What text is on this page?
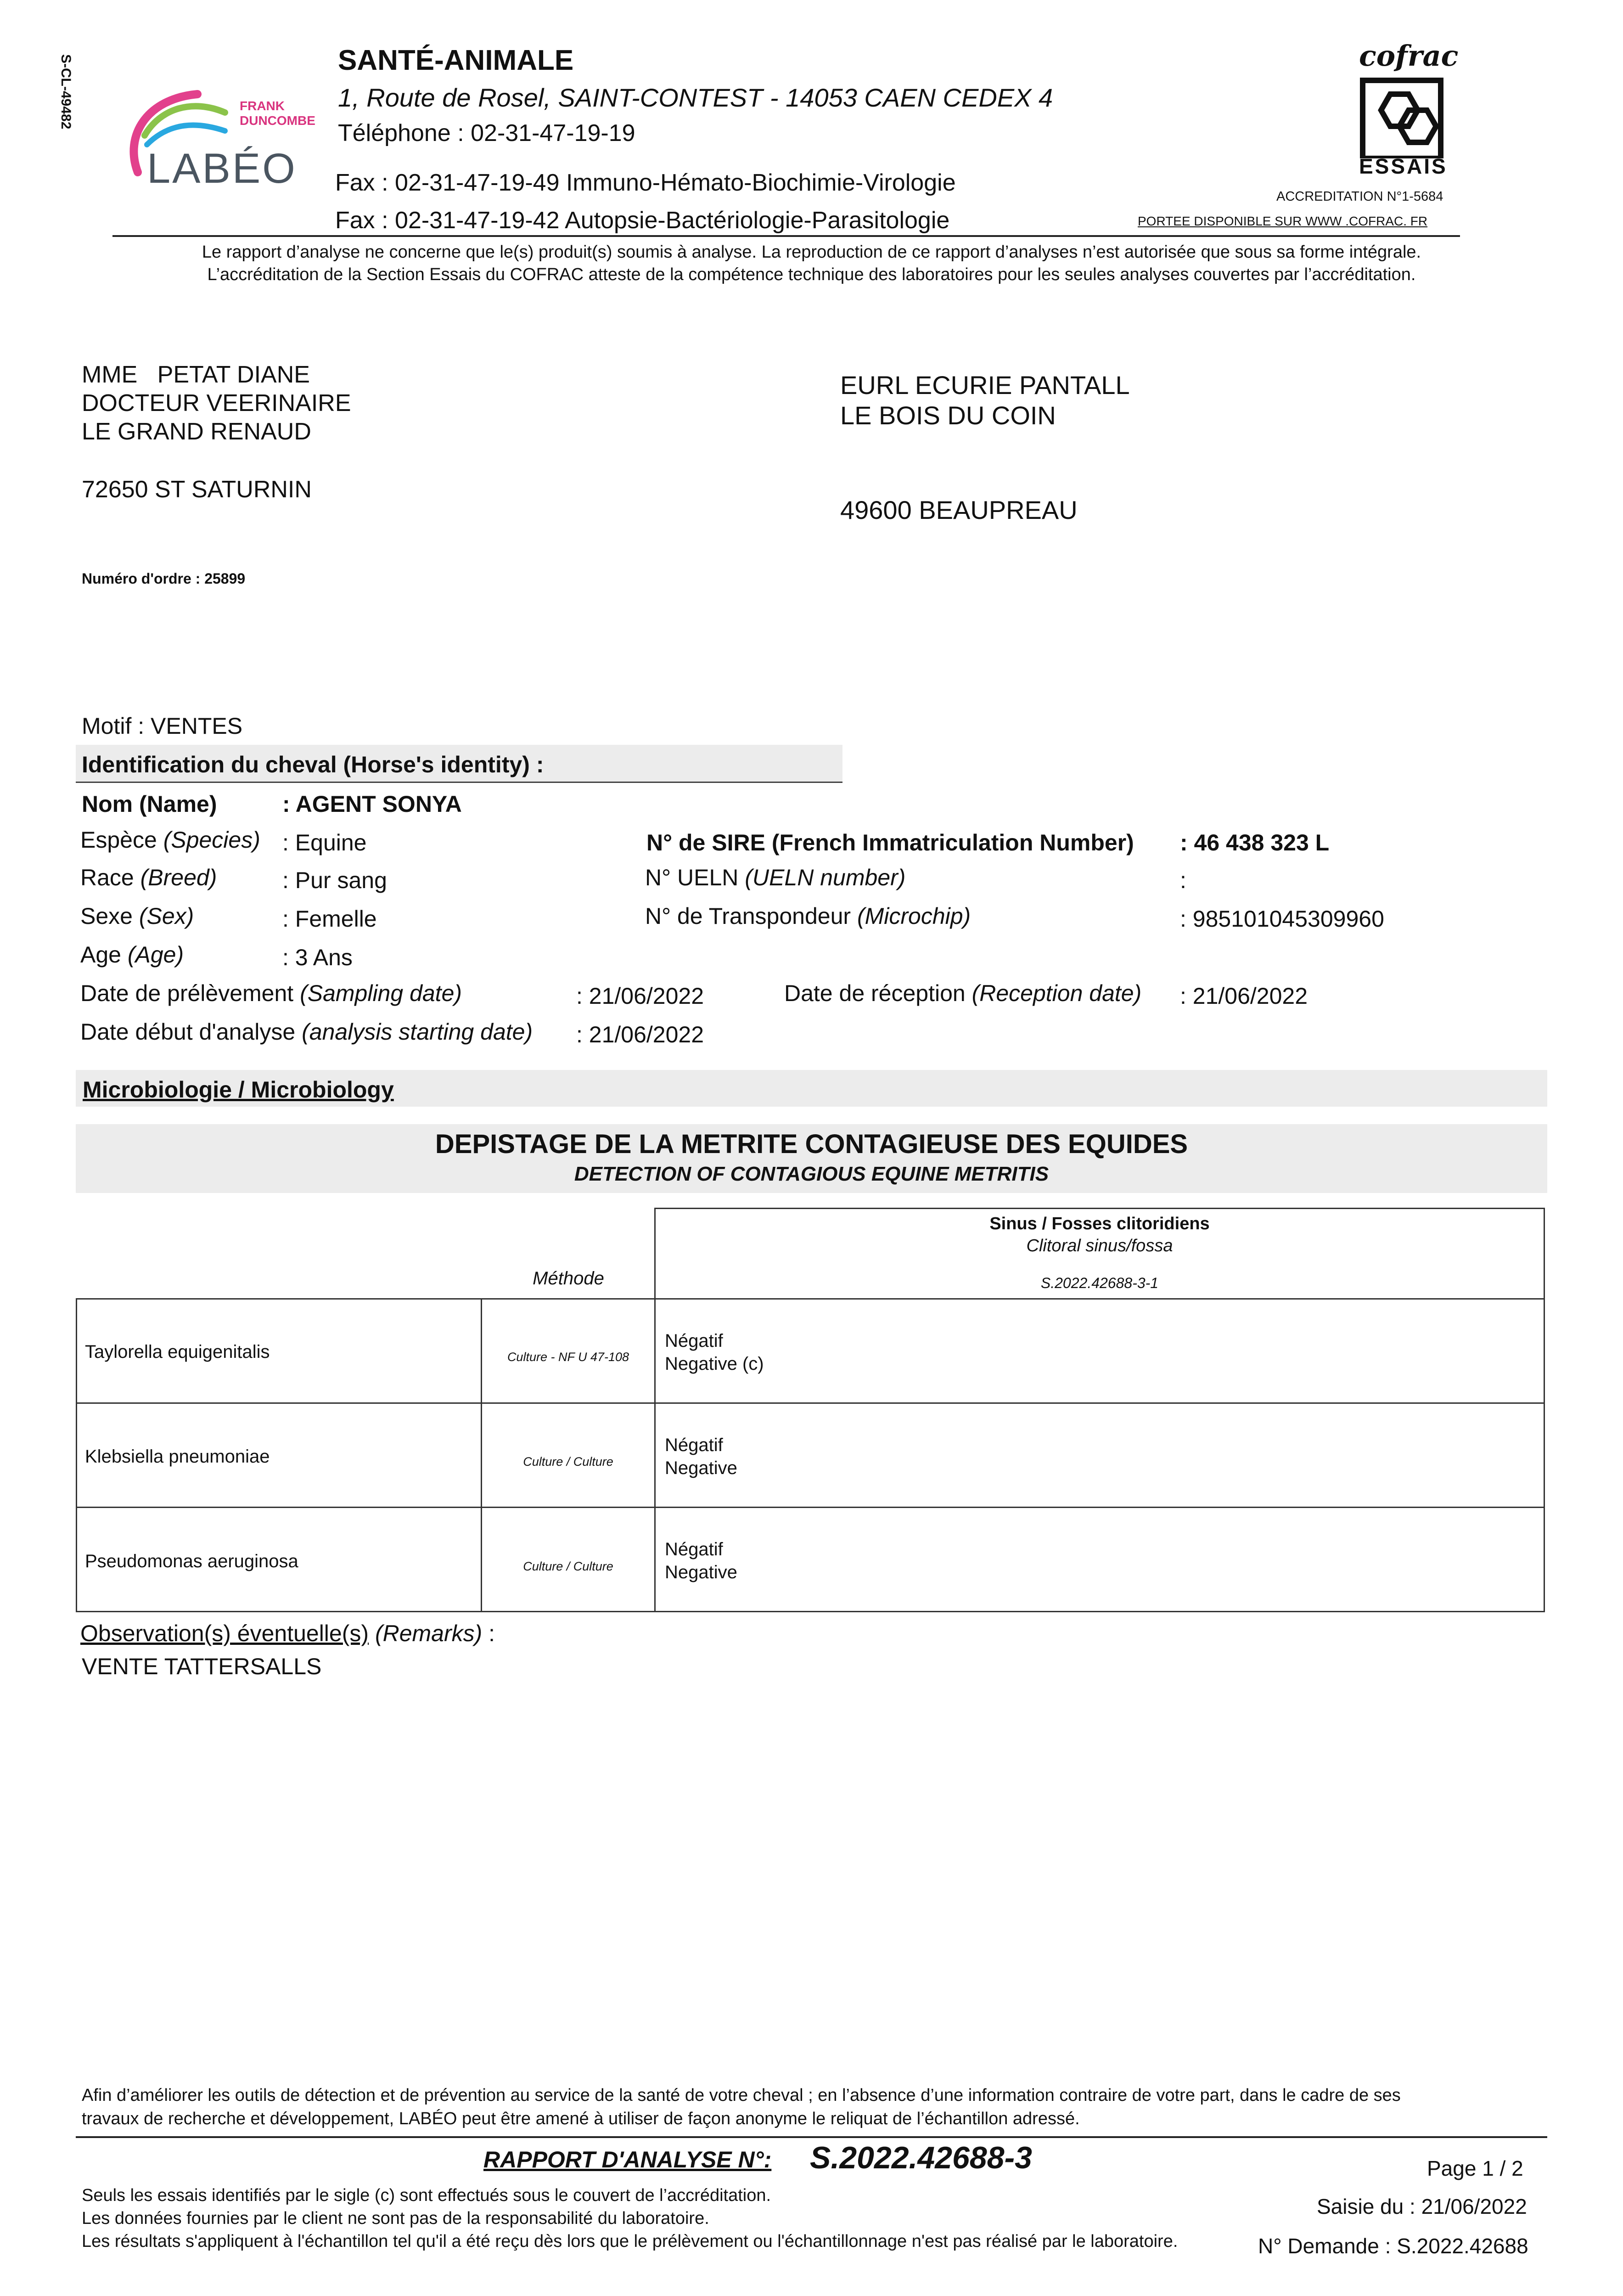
S-CL-49482	FRANK
DUNCOMBE
LABÉO
SANTÉ-ANIMALE
1, Route de Rosel, SAINT-CONTEST - 14053 CAEN CEDEX 4
Téléphone : 02-31-47-19-19
Fax : 02-31-47-19-49 Immuno-Hémato-Biochimie-Virologie
Fax : 02-31-47-19-42 Autopsie-Bactériologie-Parasitologie
cofrac
ESSAIS
ACCREDITATION N°1-5684
PORTEE DISPONIBLE SUR WWW .COFRAC. FR
Le rapport d’analyse ne concerne que le(s) produit(s) soumis à analyse. La reproduction de ce rapport d’analyses n’est autorisée que sous sa forme intégrale.
L’accréditation de la Section Essais du COFRAC atteste de la compétence technique des laboratoires pour les seules analyses couvertes par l’accréditation.
MME   PETAT DIANE
DOCTEUR VEERINAIRE
LE GRAND RENAUD
72650 ST SATURNIN
EURL ECURIE PANTALL
LE BOIS DU COIN
49600 BEAUPREAU
Numéro d'ordre : 25899
Motif : VENTES
Identification du cheval (Horse's identity) :
Nom (Name)	: AGENT SONYA
Espèce (Species) : Equine
Race (Breed)	: Pur sang
Sexe (Sex)	: Femelle
Age (Age)	: 3 Ans
N° de SIRE (French Immatriculation Number) : 46 438 323 L
N° UELN (UELN number)	:
N° de Transpondeur (Microchip)	: 985101045309960
Date de prélèvement (Sampling date)	: 21/06/2022	Date de réception (Reception date) : 21/06/2022
Date début d'analyse (analysis starting date) : 21/06/2022
Microbiologie / Microbiology
DEPISTAGE DE LA METRITE CONTAGIEUSE DES EQUIDES
DETECTION OF CONTAGIOUS EQUINE METRITIS
Sinus / Fosses clitoridiens
Clitoral sinus/fossa
S.2022.42688-3-1
Méthode
Taylorella equigenitalis	Culture - NF U 47-108
Négatif
Negative (c)
Klebsiella pneumoniae	Culture / Culture
Négatif
Negative
Pseudomonas aeruginosa	Culture / Culture
Négatif
Negative
Observation(s) éventuelle(s) (Remarks) :
VENTE TATTERSALLS
Afin d’améliorer les outils de détection et de prévention au service de la santé de votre cheval ; en l’absence d’une information contraire de votre part, dans le cadre de ses
travaux de recherche et développement, LABÉO peut être amené à utiliser de façon anonyme le reliquat de l’échantillon adressé.
RAPPORT D'ANALYSE N°: S.2022.42688-3	Page 1 / 2
Saisie du : 21/06/2022
N° Demande : S.2022.42688
Seuls les essais identifiés par le sigle (c) sont effectués sous le couvert de l’accréditation.
Les données fournies par le client ne sont pas de la responsabilité du laboratoire.
Les résultats s'appliquent à l'échantillon tel qu'il a été reçu dès lors que le prélèvement ou l'échantillonnage n'est pas réalisé par le laboratoire.
